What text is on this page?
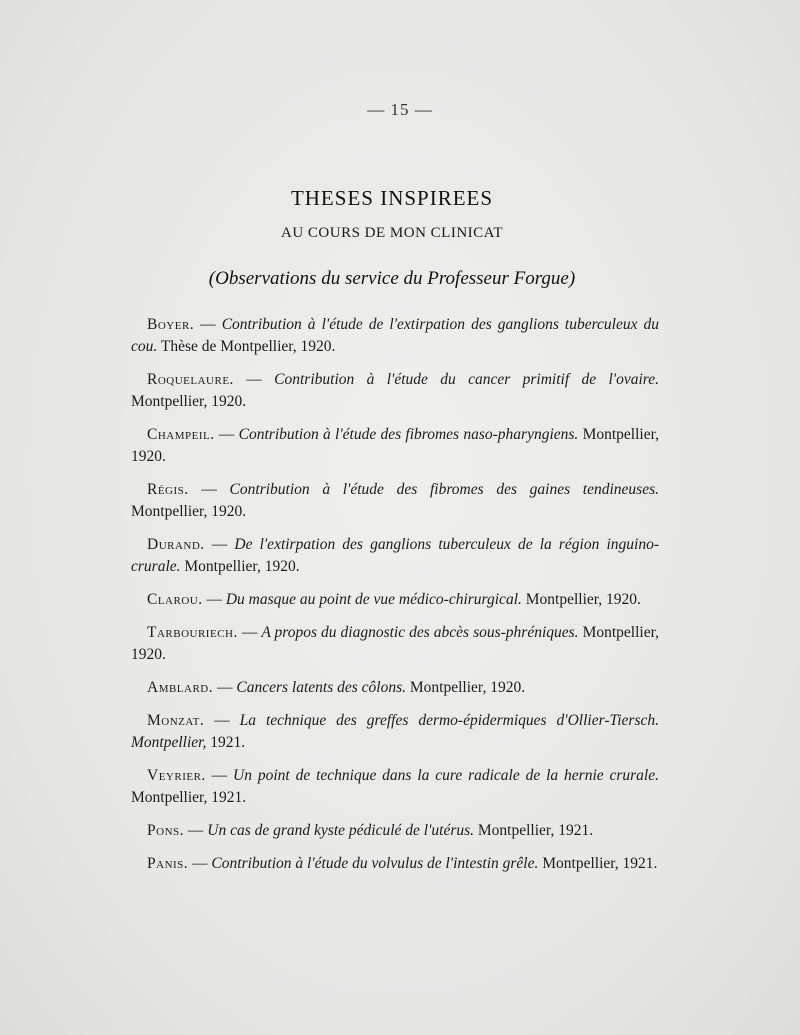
— 15 —
THESES INSPIREES
AU COURS DE MON CLINICAT
(Observations du service du Professeur Forgue)

Boyer. — Contribution à l'étude de l'extirpation des ganglions tuberculeux du cou. Thèse de Montpellier, 1920.

Roquelaure. — Contribution à l'étude du cancer primitif de l'ovaire. Montpellier, 1920.

Champeil. — Contribution à l'étude des fibromes naso-pharyngiens. Montpellier, 1920.

Régis. — Contribution à l'étude des fibromes des gaines tendineuses. Montpellier, 1920.

Durand. — De l'extirpation des ganglions tuberculeux de la région inguino-crurale. Montpellier, 1920.

Clarou. — Du masque au point de vue médico-chirurgical. Montpellier, 1920.

Tarbouriech. — A propos du diagnostic des abcès sous-phréniques. Montpellier, 1920.

Amblard. — Cancers latents des côlons. Montpellier, 1920.

Monzat. — La technique des greffes dermo-épidermiques d'Ollier-Tiersch. Montpellier, 1921.

Veyrier. — Un point de technique dans la cure radicale de la hernie crurale. Montpellier, 1921.

Pons. — Un cas de grand kyste pédiculé de l'utérus. Montpellier, 1921.

Panis. — Contribution à l'étude du volvulus de l'intestin grêle. Montpellier, 1921.
